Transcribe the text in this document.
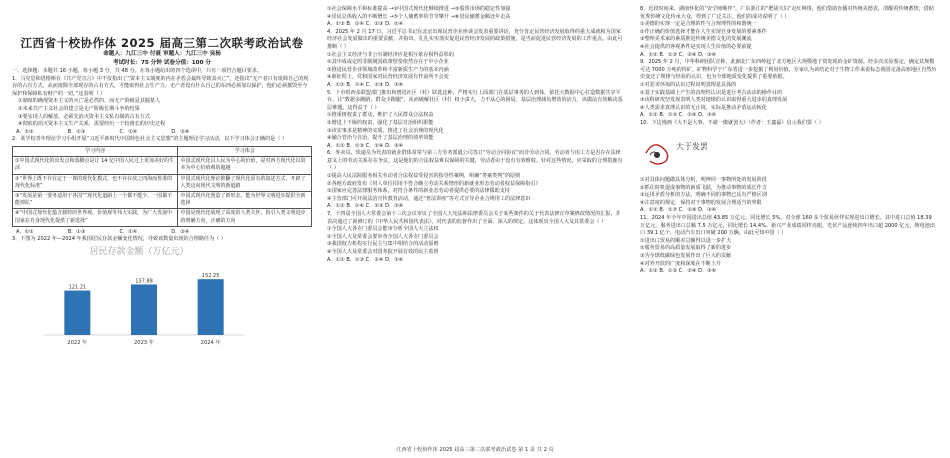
江西省十校协作体 2025 届高三第二次联考政治试卷
命题人：九江三中 付聂 审题人：九江三中 吴杨
考试时长：75 分钟 试卷分值：100 分

一、选择题：本题共 16 小题，每小题 3 分，共 48 分。在每小题给出的四个选项中，只有一项符合题目要求。

1．马克思和恩格斯在《共产党宣言》中不仅指出了“资本主义制度的内在矛盾会最终导致其灭亡”，还指出“无产者只有废除自己的现存的占有方式，从而废除全部现存的占有方式，才能取得社会生产力。无产者没有什么自己的东西必须加以保护，他们必须摧毁至今保护和保障私有财产的一切。”这表明（ ）

①制度的确现资本主义的灭亡是必然的，而无产阶级是其掘墓人

②未来共产主义社会的建立是无产阶级长期斗争的结果

③要实现人的解放，必须先消灭资本主义私有制的占有方式

④彻底的消灭资本主义生产关系，需要经历一个较漫长的历史过程

A．①②	B．②③	C．①④	D．③④

2．某学校青年理论学习小组开展“习近平新时代中国特色社会主义思想”的主题理论学习活动，以下学习体会正确的是（ ）

学习内容	学习体会
①中国式现代化的出发点和落脚点是让 14 亿中国人民过上更加美好的生活	中国式现代化以人民为中心的价值，是对西方现代化以资本为中心价值观的超越
②“世界上既不存在定于一尊的现代化模式，也不存在放之四海而皆准的现代化标准”	中国式现代化理论推翻了现代化原有的叙述方式，开辟了人类迈向现代文明的新道路
③“发展是第一要务适用于各国”“现代化道路上一个都不能少，一国都不能掉队”	中国式现代化创造了新形态，能为世界文明进步提供全新选择
④“中国式现代化蕴含独特的世界观、价值观等伟大实践，为广大发展中国家在自身现代化提供了新选择”	中国是现代化展现了高度的人类关怀，指引人类文明进步的明确方向，正确的方向
A．①②	B．①③	C．②④	D．③④

3．下图为 2022 年—2024 年我国居民存款金额变化情况，导致该数量出现的合理路径为（ ）

居民存款金额（万亿元）
121.21
2022 年
137.88
2023 年
152.25
2024 年

①社会保障水平和标准提高 →②中国式现代化继续推进 →③股票市场的稳定性加强

④居民总体收入的不断增长 →⑤个人储蓄率的节节攀升 →⑥居民储蓄金额还年走高

A．①③ B．①④ C．②③ D．②④

4．2025 年 2 月 17 日，习近平总书记在北京出席民营企业座谈会发表重要讲话，充分肯定民营经济发展取得的重大成就和为国家经济社会发展做出的重要贡献，并指出，扎扎实实落实促进民营经济发展的政策措施，是当前促进民营经济发展的工作重点。由此可推断（ ）

①社会主义经济与非公有制经济应是相互依存相得益彰的

②其中成或定的非制制国政策壁垒依然存在于中小企业

③推进民营企业领域改革和丰富新质生产力的基本内涵

④新征程上，党和国家对民营经济发展有作前所不会变

A．①② B．①④ C．②③ D．③④

5．十市组西多联盟部门推出和增进社区（村）联选这种，严格实行上面部门在基层事务的人到体，依托大数据中心打造数据共享平台，让“数据多跑路，群众少跑腿”，从而破解社区（村）权小责大，力不从心的困局。基层治理减负增效的活力，该做法有效解决基层难题。这得益于（ ）

①推重树权责了群众，维护了人民群众合法权益

②增进上下级的权责，强化了基层自治组织职能

③该实事求是精神的实质，推进了社会治理的现代化

④融合管治与自治，提升了基层治理的效率效能

A．①② B．①③ C．②④ D．③④

6．外卖员、快递员为代表的就业群体常常与第三方劳务派遣公司签订“劳动合同协议”而非劳动合同。劳动者与用工方是否存在法律意义上的劳动关系存在争议，这是他们的合法权益难以保障的关键，劳动者由于没有有效维权。针对这些情况，应采取的合理措施有（ ）

①提高人民法院服务相关劳动者合法权益受侵害的指导性案例，明确“类案类判”的原则

②各地方政府发布《用人单位招用不符合确立劳动关系情形的新就业形态劳动者权益保障指引》

③国家应完善法律服务体系，对符合条件的新业态劳动者提供必要的法律援助支持

④主管部门可开展法治宣传教育活动，通过“普法讲座”等方式宣导企业合规用工的法律意识

A．①② B．①④ C．②③ D．③④

7．十四届全国人大常委会第十三次会议审议了全国人大宪法和法律委员会关于某些条件的关于代表法修正草案修改情况的汇报，并表决通过了新修订的《中华人民共和国代表法》，对代表的监督作出了全面、深入的规定。这体现出全国人大及其常委会（ ）

①全国人大各专门委员会能审分析全国人大立法权

②全国人大及常委会要审查全国人大各专门委员会

③我国权力机构实行民主与集中相结合的活动原则

④全国人大及常委会对国务院开展有效的民主监督

A．①② B．①③ C．②④ D．③④

8．近段时间来，湖南怀化的“安茔师顺伴”，广东浙江的“肥胡夫妇”走红网络，他们借助直播对传统美德表，清醒着传统蓄情，借助优秀传统文化传承大众，得到了广泛关注。他们的成功说明了（ ）

①美德的实现一定是合理的性与合规理性的和谐统一

②作正确的价值选择才能在人生实现自身发展的要素条件

③整理美术家的素质推进传统美德文化的发展潮流

④社会提供的客观条件是实现人生价值的必要前提

A．①② B．①③ C．②④ D．③④

9．2025 年 2 月，中华科研团队宣称，此湘北广东西岭起了北方地区大规模地下资发现的金矿资源，经多次实验鉴定，确定其规模可达 7000 万吨的钨矿。矿物科学于广东省进一步挖掘了利用价值，专家认为该结论对于生物工作来说标志我国完备高寒地区自然历史变迁了规律与经验的认识，也为全球地质变化提供了重要依据。

①对恶劣环境的认识过程说明真理是具体的

②基于实践基础上产生的真理性认识是进行考古活动的操作目的

③该科研攻坚发现表明人类对地球的认识取得重大进步的真理发展

④人类需求真理认识的无止境，实际是推动矛盾运动转化

A．①② B．①③ C．②④ D．③④

10．下边漫画《大不是大事，不就一微就罢大》（作者：王鑫磊）启示我们要（ ）

大于发罢

①对具体问题做具体分析，明辨同一事物所处的发展阶段

②抓住时机促成事物的新质飞跃，为推动事物的成长作力

③运用矛盾分析的方法，明确不同的事物已具有严格区别

④注意度的规定，保持对于事物的发展合理适当的界限

A．①② B．①③ C．②④ D．③④

11．2024 年全年中国进出总值 43.85 万亿元，同比增长 5%。对全球 160 多个贸易伙伴实现进出口增长，其中进口总值 18.39 万亿元，服务进出口总额 7.5 万亿元，同比增长 14.4%。新兴产业成绩同样亮眼，光伏产品连续四年出口超 2000 亿元，锂电池出口 39.1 亿个，电动汽车出口突破 200 万辆。由此可知中国（ ）

①进出口贸易的顺差总额得以进一步扩大

②服务贸易的高质量发展取得了新的进步

③为全球低碳绿色发展作出了巨大的贡献

④对外开放的广度和深度在不断上升

A．①② B．①③ C．②④ D．③④

江西省十校协作体 2025 届高三第二次联考政治试卷 第 1 页 共 2 页
